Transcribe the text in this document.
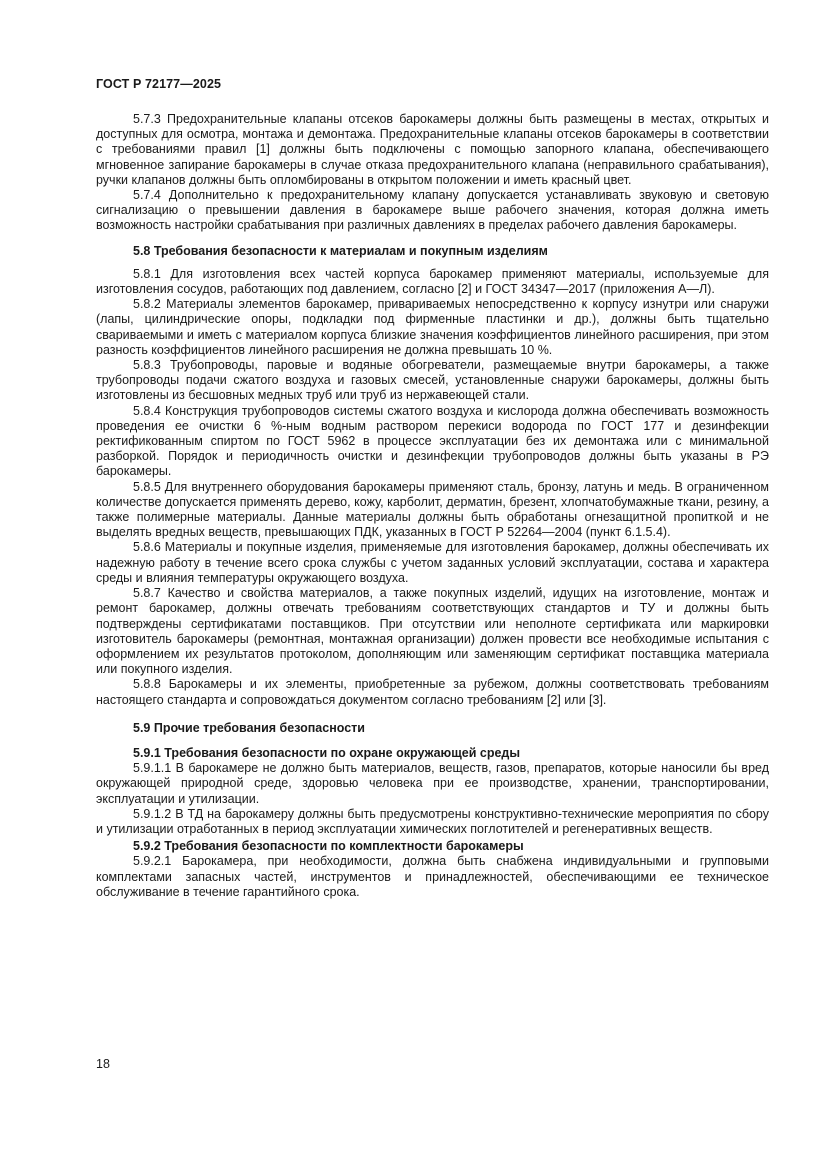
ГОСТ Р 72177—2025

5.7.3 Предохранительные клапаны отсеков барокамеры должны быть размещены в местах, открытых и доступных для осмотра, монтажа и демонтажа. Предохранительные клапаны отсеков барокамеры в соответствии с требованиями правил [1] должны быть подключены с помощью запорного клапана, обеспечивающего мгновенное запирание барокамеры в случае отказа предохранительного клапана (неправильного срабатывания), ручки клапанов должны быть опломбированы в открытом положении и иметь красный цвет.

5.7.4 Дополнительно к предохранительному клапану допускается устанавливать звуковую и световую сигнализацию о превышении давления в барокамере выше рабочего значения, которая должна иметь возможность настройки срабатывания при различных давлениях в пределах рабочего давления барокамеры.

5.8 Требования безопасности к материалам и покупным изделиям

5.8.1 Для изготовления всех частей корпуса барокамер применяют материалы, используемые для изготовления сосудов, работающих под давлением, согласно [2] и ГОСТ 34347—2017 (приложения А—Л).

5.8.2 Материалы элементов барокамер, привариваемых непосредственно к корпусу изнутри или снаружи (лапы, цилиндрические опоры, подкладки под фирменные пластинки и др.), должны быть тщательно свариваемыми и иметь с материалом корпуса близкие значения коэффициентов линейного расширения, при этом разность коэффициентов линейного расширения не должна превышать 10 %.

5.8.3 Трубопроводы, паровые и водяные обогреватели, размещаемые внутри барокамеры, а также трубопроводы подачи сжатого воздуха и газовых смесей, установленные снаружи барокамеры, должны быть изготовлены из бесшовных медных труб или труб из нержавеющей стали.

5.8.4 Конструкция трубопроводов системы сжатого воздуха и кислорода должна обеспечивать возможность проведения ее очистки 6 %-ным водным раствором перекиси водорода по ГОСТ 177 и дезинфекции ректификованным спиртом по ГОСТ 5962 в процессе эксплуатации без их демонтажа или с минимальной разборкой. Порядок и периодичность очистки и дезинфекции трубопроводов должны быть указаны в РЭ барокамеры.

5.8.5 Для внутреннего оборудования барокамеры применяют сталь, бронзу, латунь и медь. В ограниченном количестве допускается применять дерево, кожу, карболит, дерматин, брезент, хлопчатобумажные ткани, резину, а также полимерные материалы. Данные материалы должны быть обработаны огнезащитной пропиткой и не выделять вредных веществ, превышающих ПДК, указанных в ГОСТ Р 52264—2004 (пункт 6.1.5.4).

5.8.6 Материалы и покупные изделия, применяемые для изготовления барокамер, должны обеспечивать их надежную работу в течение всего срока службы с учетом заданных условий эксплуатации, состава и характера среды и влияния температуры окружающего воздуха.

5.8.7 Качество и свойства материалов, а также покупных изделий, идущих на изготовление, монтаж и ремонт барокамер, должны отвечать требованиям соответствующих стандартов и ТУ и должны быть подтверждены сертификатами поставщиков. При отсутствии или неполноте сертификата или маркировки изготовитель барокамеры (ремонтная, монтажная организации) должен провести все необходимые испытания с оформлением их результатов протоколом, дополняющим или заменяющим сертификат поставщика материала или покупного изделия.

5.8.8 Барокамеры и их элементы, приобретенные за рубежом, должны соответствовать требованиям настоящего стандарта и сопровождаться документом согласно требованиям [2] или [3].

5.9 Прочие требования безопасности
5.9.1 Требования безопасности по охране окружающей среды

5.9.1.1 В барокамере не должно быть материалов, веществ, газов, препаратов, которые наносили бы вред окружающей природной среде, здоровью человека при ее производстве, хранении, транспортировании, эксплуатации и утилизации.

5.9.1.2 В ТД на барокамеру должны быть предусмотрены конструктивно-технические мероприятия по сбору и утилизации отработанных в период эксплуатации химических поглотителей и регенеративных веществ.

5.9.2 Требования безопасности по комплектности барокамеры

5.9.2.1 Барокамера, при необходимости, должна быть снабжена индивидуальными и групповыми комплектами запасных частей, инструментов и принадлежностей, обеспечивающими ее техническое обслуживание в течение гарантийного срока.

18
